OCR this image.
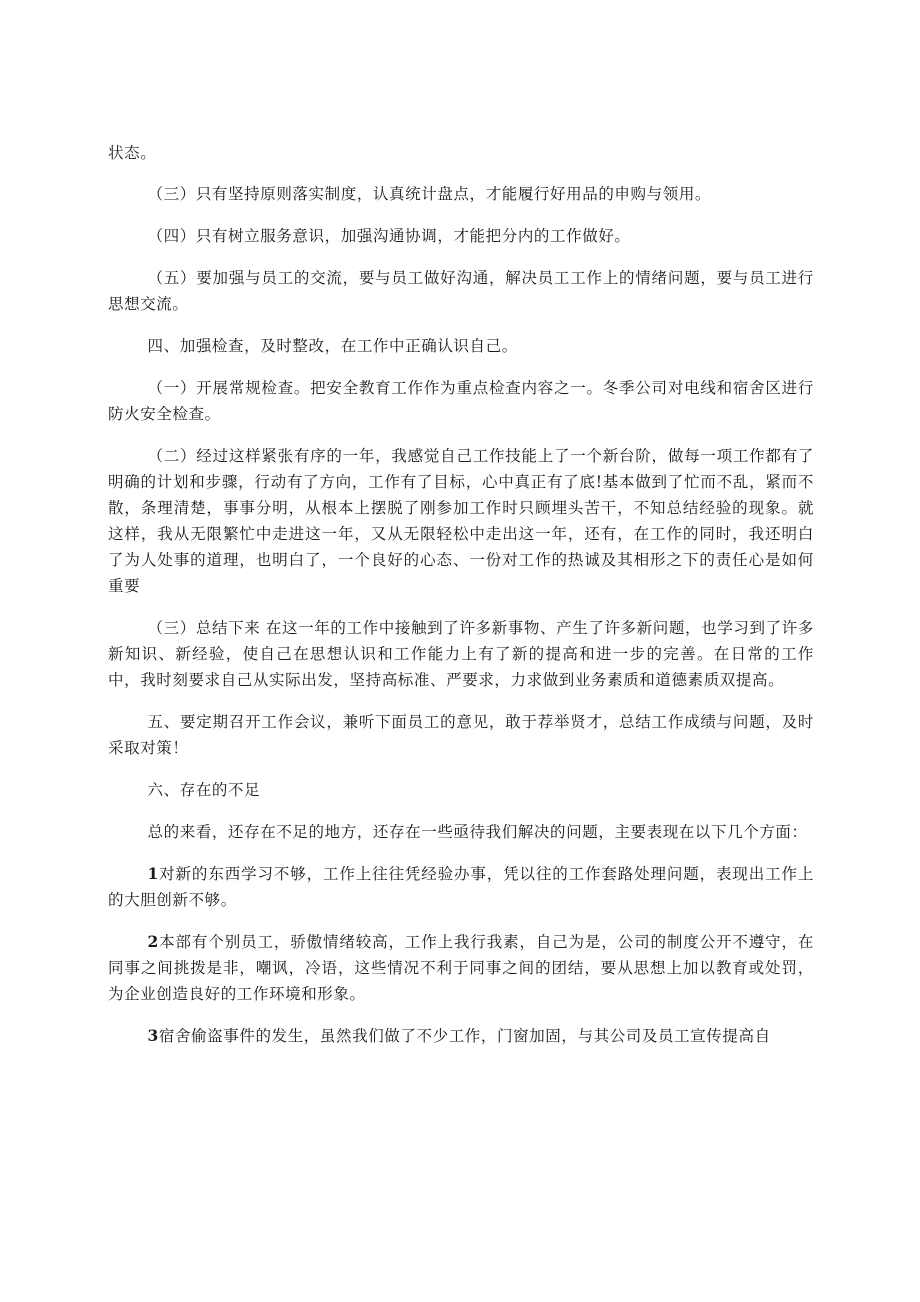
状态。

（三）只有坚持原则落实制度，认真统计盘点，才能履行好用品的申购与领用。

（四）只有树立服务意识，加强沟通协调，才能把分内的工作做好。

（五）要加强与员工的交流，要与员工做好沟通，解决员工工作上的情绪问题，要与员工进行思想交流。

四、加强检查，及时整改，在工作中正确认识自己。

（一）开展常规检查。把安全教育工作作为重点检查内容之一。冬季公司对电线和宿舍区进行防火安全检查。

（二）经过这样紧张有序的一年，我感觉自己工作技能上了一个新台阶，做每一项工作都有了明确的计划和步骤，行动有了方向，工作有了目标，心中真正有了底!基本做到了忙而不乱，紧而不散，条理清楚，事事分明，从根本上摆脱了刚参加工作时只顾埋头苦干，不知总结经验的现象。就这样，我从无限繁忙中走进这一年，又从无限轻松中走出这一年，还有，在工作的同时，我还明白了为人处事的道理，也明白了，一个良好的心态、一份对工作的热诚及其相形之下的责任心是如何重要

（三）总结下来 在这一年的工作中接触到了许多新事物、产生了许多新问题，也学习到了许多新知识、新经验，使自己在思想认识和工作能力上有了新的提高和进一步的完善。在日常的工作中，我时刻要求自己从实际出发，坚持高标准、严要求，力求做到业务素质和道德素质双提高。

五、要定期召开工作会议，兼听下面员工的意见，敢于荐举贤才，总结工作成绩与问题，及时采取对策！

六、存在的不足

总的来看，还存在不足的地方，还存在一些亟待我们解决的问题，主要表现在以下几个方面：

1对新的东西学习不够，工作上往往凭经验办事，凭以往的工作套路处理问题，表现出工作上的大胆创新不够。

2本部有个别员工，骄傲情绪较高，工作上我行我素，自己为是，公司的制度公开不遵守，在同事之间挑拨是非，嘲讽，冷语，这些情况不利于同事之间的团结，要从思想上加以教育或处罚，为企业创造良好的工作环境和形象。

3宿舍偷盗事件的发生，虽然我们做了不少工作，门窗加固，与其公司及员工宣传提高自
